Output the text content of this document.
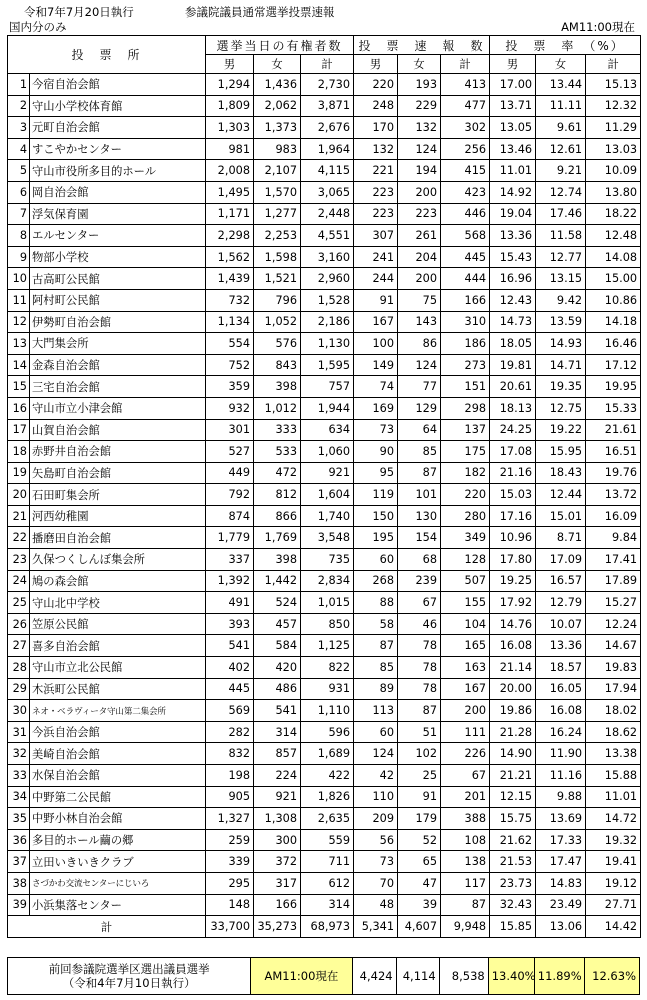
令和7年7月20日執行	参議院議員通常選挙投票速報
国内分のみ	AM11:00現在
投　票　所		選挙当日の有権者数			投　票　速　報　数			投　票　率　（%）		
		男	女	計	男	女	計	男	女	計
1	今宿自治会館	1,294	1,436	2,730	220	193	413	17.00	13.44	15.13
2	守山小学校体育館	1,809	2,062	3,871	248	229	477	13.71	11.11	12.32
3	元町自治会館	1,303	1,373	2,676	170	132	302	13.05	9.61	11.29
4	すこやかセンター	981	983	1,964	132	124	256	13.46	12.61	13.03
5	守山市役所多目的ホール	2,008	2,107	4,115	221	194	415	11.01	9.21	10.09
6	岡自治会館	1,495	1,570	3,065	223	200	423	14.92	12.74	13.80
7	浮気保育園	1,171	1,277	2,448	223	223	446	19.04	17.46	18.22
8	エルセンター	2,298	2,253	4,551	307	261	568	13.36	11.58	12.48
9	物部小学校	1,562	1,598	3,160	241	204	445	15.43	12.77	14.08
10	古高町公民館	1,439	1,521	2,960	244	200	444	16.96	13.15	15.00
11	阿村町公民館	732	796	1,528	91	75	166	12.43	9.42	10.86
12	伊勢町自治会館	1,134	1,052	2,186	167	143	310	14.73	13.59	14.18
13	大門集会所	554	576	1,130	100	86	186	18.05	14.93	16.46
14	金森自治会館	752	843	1,595	149	124	273	19.81	14.71	17.12
15	三宅自治会館	359	398	757	74	77	151	20.61	19.35	19.95
16	守山市立小津会館	932	1,012	1,944	169	129	298	18.13	12.75	15.33
17	山賀自治会館	301	333	634	73	64	137	24.25	19.22	21.61
18	赤野井自治会館	527	533	1,060	90	85	175	17.08	15.95	16.51
19	矢島町自治会館	449	472	921	95	87	182	21.16	18.43	19.76
20	石田町集会所	792	812	1,604	119	101	220	15.03	12.44	13.72
21	河西幼稚園	874	866	1,740	150	130	280	17.16	15.01	16.09
22	播磨田自治会館	1,779	1,769	3,548	195	154	349	10.96	8.71	9.84
23	久保つくしんぼ集会所	337	398	735	60	68	128	17.80	17.09	17.41
24	鳩の森会館	1,392	1,442	2,834	268	239	507	19.25	16.57	17.89
25	守山北中学校	491	524	1,015	88	67	155	17.92	12.79	15.27
26	笠原公民館	393	457	850	58	46	104	14.76	10.07	12.24
27	喜多自治会館	541	584	1,125	87	78	165	16.08	13.36	14.67
28	守山市立北公民館	402	420	822	85	78	163	21.14	18.57	19.83
29	木浜町公民館	445	486	931	89	78	167	20.00	16.05	17.94
30	ネオ・ベラヴィータ守山第二集会所	569	541	1,110	113	87	200	19.86	16.08	18.02
31	今浜自治会館	282	314	596	60	51	111	21.28	16.24	18.62
32	美崎自治会館	832	857	1,689	124	102	226	14.90	11.90	13.38
33	水保自治会館	198	224	422	42	25	67	21.21	11.16	15.88
34	中野第二公民館	905	921	1,826	110	91	201	12.15	9.88	11.01
35	中野小林自治会館	1,327	1,308	2,635	209	179	388	15.75	13.69	14.72
36	多目的ホール繭の郷	259	300	559	56	52	108	21.62	17.33	19.32
37	立田いきいきクラブ	339	372	711	73	65	138	21.53	17.47	19.41
38	さづかわ交流センターにじいろ	295	317	612	70	47	117	23.73	14.83	19.12
39	小浜集落センター	148	166	314	48	39	87	32.43	23.49	27.71
計		33,700	35,273	68,973	5,341	4,607	9,948	15.85	13.06	14.42
前回参議院選挙区選出議員選挙
（令和4年7月10日執行）	AM11:00現在	4,424	4,114	8,538	13.40%	11.89%	12.63%
